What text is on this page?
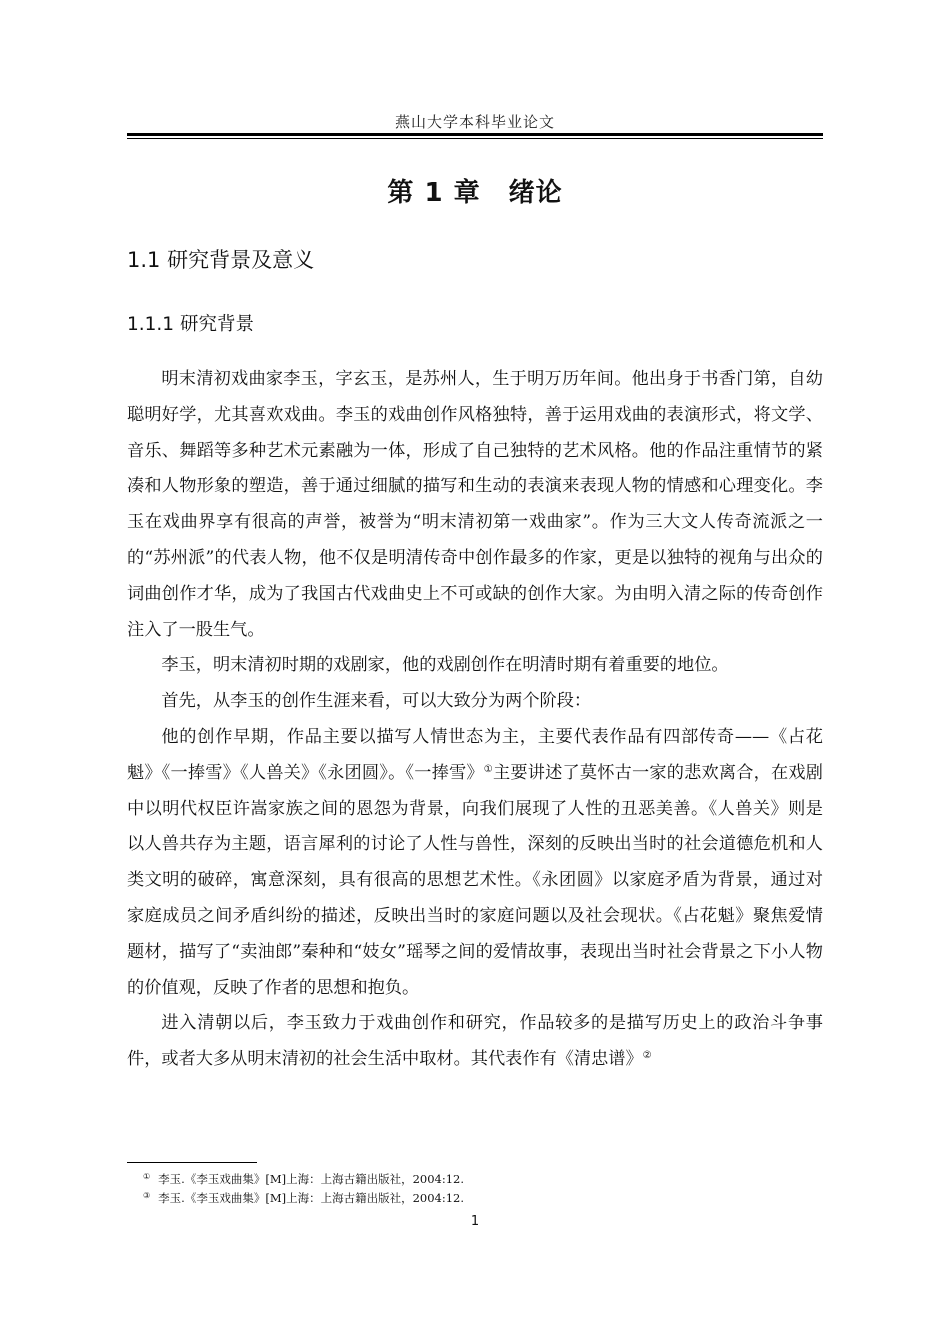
燕山大学本科毕业论文
第 1 章 绪论
1.1 研究背景及意义
1.1.1 研究背景

明末清初戏曲家李玉，字玄玉，是苏州人，生于明万历年间。他出身于书香门第，自幼聪明好学，尤其喜欢戏曲。李玉的戏曲创作风格独特，善于运用戏曲的表演形式，将文学、音乐、舞蹈等多种艺术元素融为一体，形成了自己独特的艺术风格。他的作品注重情节的紧凑和人物形象的塑造，善于通过细腻的描写和生动的表演来表现人物的情感和心理变化。李玉在戏曲界享有很高的声誉，被誉为“明末清初第一戏曲家”。作为三大文人传奇流派之一的“苏州派”的代表人物，他不仅是明清传奇中创作最多的作家，更是以独特的视角与出众的词曲创作才华，成为了我国古代戏曲史上不可或缺的创作大家。为由明入清之际的传奇创作注入了一股生气。

李玉，明末清初时期的戏剧家，他的戏剧创作在明清时期有着重要的地位。

首先，从李玉的创作生涯来看，可以大致分为两个阶段：

他的创作早期，作品主要以描写人情世态为主，主要代表作品有四部传奇——《占花魁》《一捧雪》《人兽关》《永团圆》。《一捧雪》①主要讲述了莫怀古一家的悲欢离合，在戏剧中以明代权臣许嵩家族之间的恩怨为背景，向我们展现了人性的丑恶美善。《人兽关》则是以人兽共存为主题，语言犀利的讨论了人性与兽性，深刻的反映出当时的社会道德危机和人类文明的破碎，寓意深刻，具有很高的思想艺术性。《永团圆》以家庭矛盾为背景，通过对家庭成员之间矛盾纠纷的描述，反映出当时的家庭问题以及社会现状。《占花魁》聚焦爱情题材，描写了“卖油郎”秦种和“妓女”瑶琴之间的爱情故事，表现出当时社会背景之下小人物的价值观，反映了作者的思想和抱负。

进入清朝以后，李玉致力于戏曲创作和研究，作品较多的是描写历史上的政治斗争事件，或者大多从明末清初的社会生活中取材。其代表作有《清忠谱》②

① 李玉.《李玉戏曲集》[M]上海：上海古籍出版社，2004:12.
③ 李玉.《李玉戏曲集》[M]上海：上海古籍出版社，2004:12.
1
